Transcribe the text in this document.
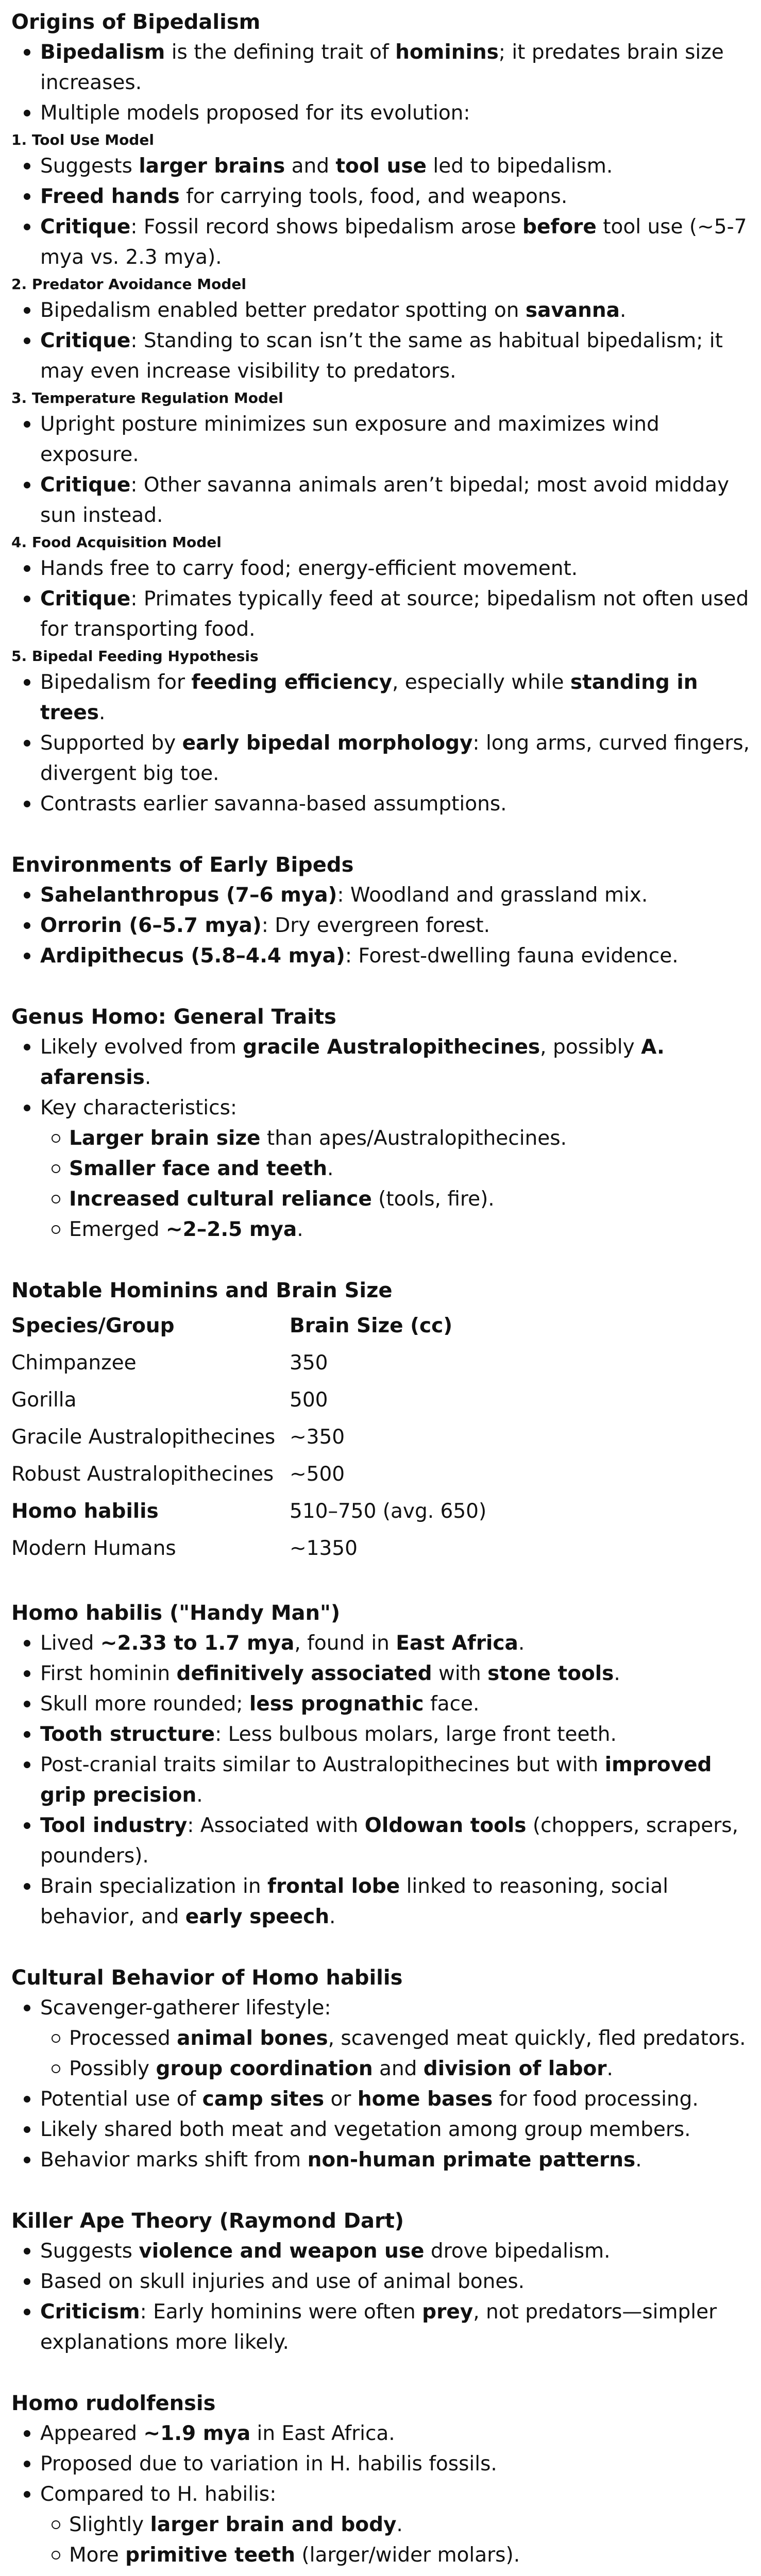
Origins of Bipedalism
Bipedalism is the defining trait of hominins; it predates brain size increases.
Multiple models proposed for its evolution:
1. Tool Use Model
Suggests larger brains and tool use led to bipedalism.
Freed hands for carrying tools, food, and weapons.
Critique: Fossil record shows bipedalism arose before tool use (~5-7 mya vs. 2.3 mya).
2. Predator Avoidance Model
Bipedalism enabled better predator spotting on savanna.
Critique: Standing to scan isn’t the same as habitual bipedalism; it may even increase visibility to predators.
3. Temperature Regulation Model
Upright posture minimizes sun exposure and maximizes wind exposure.
Critique: Other savanna animals aren’t bipedal; most avoid midday sun instead.
4. Food Acquisition Model
Hands free to carry food; energy-efficient movement.
Critique: Primates typically feed at source; bipedalism not often used for transporting food.
5. Bipedal Feeding Hypothesis
Bipedalism for feeding efficiency, especially while standing in trees.
Supported by early bipedal morphology: long arms, curved fingers, divergent big toe.
Contrasts earlier savanna-based assumptions.
Environments of Early Bipeds
Sahelanthropus (7–6 mya): Woodland and grassland mix.
Orrorin (6–5.7 mya): Dry evergreen forest.
Ardipithecus (5.8–4.4 mya): Forest-dwelling fauna evidence.
Genus Homo: General Traits
Likely evolved from gracile Australopithecines, possibly A. afarensis.
Key characteristics:
Larger brain size than apes/Australopithecines.
Smaller face and teeth.
Increased cultural reliance (tools, fire).
Emerged ~2–2.5 mya.
Notable Hominins and Brain Size
Species/Group	Brain Size (cc)
Chimpanzee	350
Gorilla	500
Gracile Australopithecines	~350
Robust Australopithecines	~500
Homo habilis	510–750 (avg. 650)
Modern Humans	~1350
Homo habilis ("Handy Man")
Lived ~2.33 to 1.7 mya, found in East Africa.
First hominin definitively associated with stone tools.
Skull more rounded; less prognathic face.
Tooth structure: Less bulbous molars, large front teeth.
Post-cranial traits similar to Australopithecines but with improved grip precision.
Tool industry: Associated with Oldowan tools (choppers, scrapers, pounders).
Brain specialization in frontal lobe linked to reasoning, social behavior, and early speech.
Cultural Behavior of Homo habilis
Scavenger-gatherer lifestyle:
Processed animal bones, scavenged meat quickly, fled predators.
Possibly group coordination and division of labor.
Potential use of camp sites or home bases for food processing.
Likely shared both meat and vegetation among group members.
Behavior marks shift from non-human primate patterns.
Killer Ape Theory (Raymond Dart)
Suggests violence and weapon use drove bipedalism.
Based on skull injuries and use of animal bones.
Criticism: Early hominins were often prey, not predators—simpler explanations more likely.
Homo rudolfensis
Appeared ~1.9 mya in East Africa.
Proposed due to variation in H. habilis fossils.
Compared to H. habilis:
Slightly larger brain and body.
More primitive teeth (larger/wider molars).
